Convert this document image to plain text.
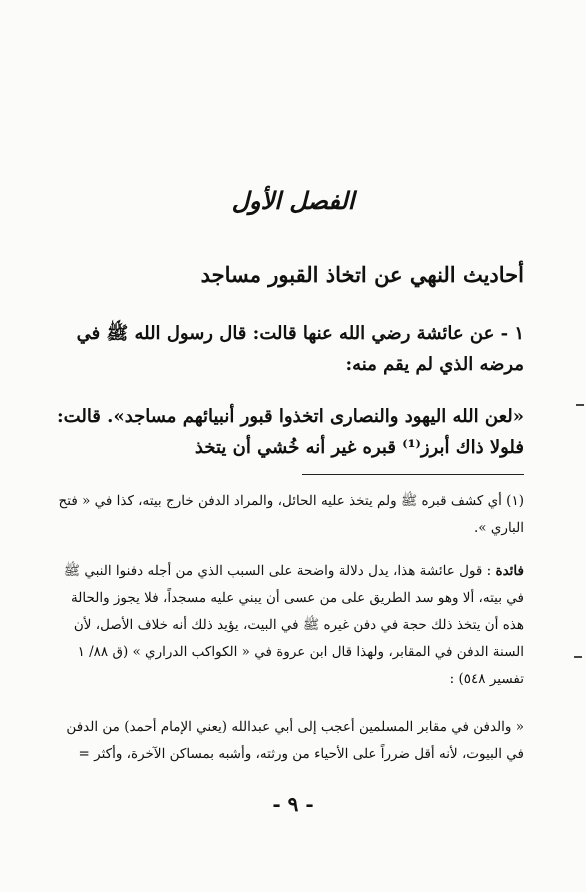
الفصل الأول
أحاديث النهي عن اتخاذ القبور مساجد
١ - عن عائشة رضي الله عنها قالت: قال رسول الله ﷺ في مرضه الذي لم يقم منه:
«لعن الله اليهود والنصارى اتخذوا قبور أنبيائهم مساجد». قالت: فلولا ذاك أبرز⁽¹⁾ قبره غير أنه خُشي أن يتخذ
(١) أي كشف قبره ﷺ ولم يتخذ عليه الحائل، والمراد الدفن خارج بيته، كذا في « فتح الباري ».
فائدة : قول عائشة هذا، يدل دلالة واضحة على السبب الذي من أجله دفنوا النبي ﷺ في بيته، ألا وهو سد الطريق على من عسى أن يبني عليه مسجداً، فلا يجوز والحالة هذه أن يتخذ ذلك حجة في دفن غيره ﷺ في البيت، يؤيد ذلك أنه خلاف الأصل، لأن السنة الدفن في المقابر، ولهذا قال ابن عروة في « الكواكب الدراري » (ق ٨٨/ ١ تفسير ٥٤٨) :
« والدفن في مقابر المسلمين أعجب إلى أبي عبدالله (يعني الإمام أحمد) من الدفن في البيوت، لأنه أقل ضرراً على الأحياء من ورثته، وأشبه بمساكن الآخرة، وأكثر =
- ٩ -
